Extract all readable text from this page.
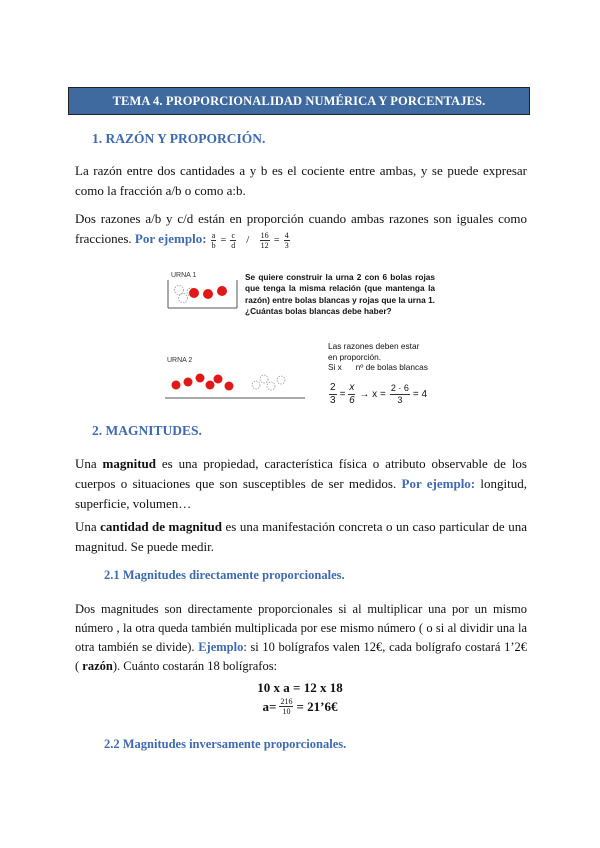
TEMA 4. PROPORCIONALIDAD NUMÉRICA Y PORCENTAJES.
1. RAZÓN Y PROPORCIÓN.
La razón entre dos cantidades a y b es el cociente entre ambas, y se puede expresar como la fracción a/b o como a:b.
Dos razones a/b y c/d están en proporción cuando ambas razones son iguales como fracciones. Por ejemplo: $\frac{a}{b} = \frac{c}{d} / \frac{16}{12} = \frac{4}{3}$
URNA 1
URNA 2
Se quiere construir la urna 2 con 6 bolas rojas que tenga la misma relación (que mantenga la razón) entre bolas blancas y rojas que la urna 1. ¿Cuántas bolas blancas debe haber?
Las razones deben estar
en proporción.
Si x      nº de bolas blancas
$\frac{2}{3} = \frac{x}{6} \to x = \frac{2 \cdot 6}{3} = 4$
2. MAGNITUDES.
Una magnitud es una propiedad, característica física o atributo observable de los cuerpos o situaciones que son susceptibles de ser medidos. Por ejemplo: longitud, superficie, volumen…
Una cantidad de magnitud es una manifestación concreta o un caso particular de una magnitud. Se puede medir.
2.1 Magnitudes directamente proporcionales.
Dos magnitudes son directamente proporcionales si al multiplicar una por un mismo número , la otra queda también multiplicada por ese mismo número ( o si al dividir una la otra también se divide). Ejemplo: si 10 bolígrafos valen 12€, cada bolígrafo costará 1’2€ ( razón). Cuánto costarán 18 bolígrafos:
10 x a = 12 x 18
$a= \frac{216}{10}$ = 21’6€
2.2 Magnitudes inversamente proporcionales.
